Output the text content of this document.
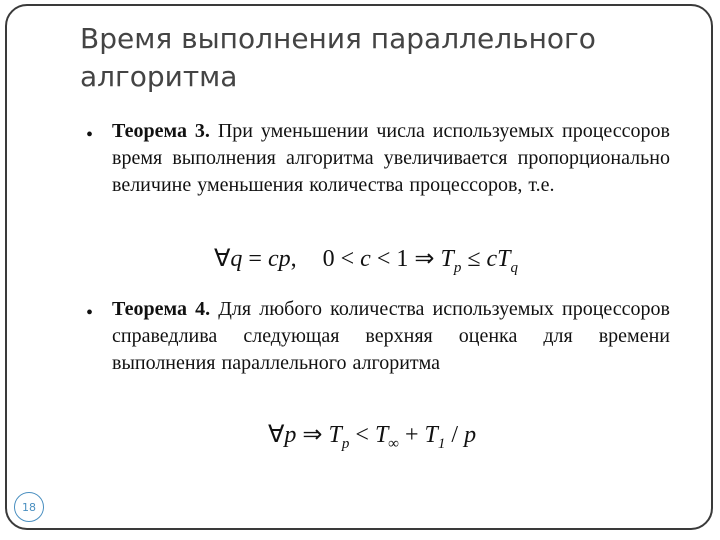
Время выполнения параллельного алгоритма
• Теорема 3. При уменьшении числа используемых процессоров время выполнения алгоритма увеличивается пропорционально величине уменьшения количества процессоров, т.е.

∀q = cp, 0 < c < 1 ⇒ $T_p \le cT_q$
• Теорема 4. Для любого количества используемых процессоров справедлива следующая верхняя оценка для времени выполнения параллельного алгоритма

∀p ⇒ $T_p < T_\infty + T_1 / p$
18
